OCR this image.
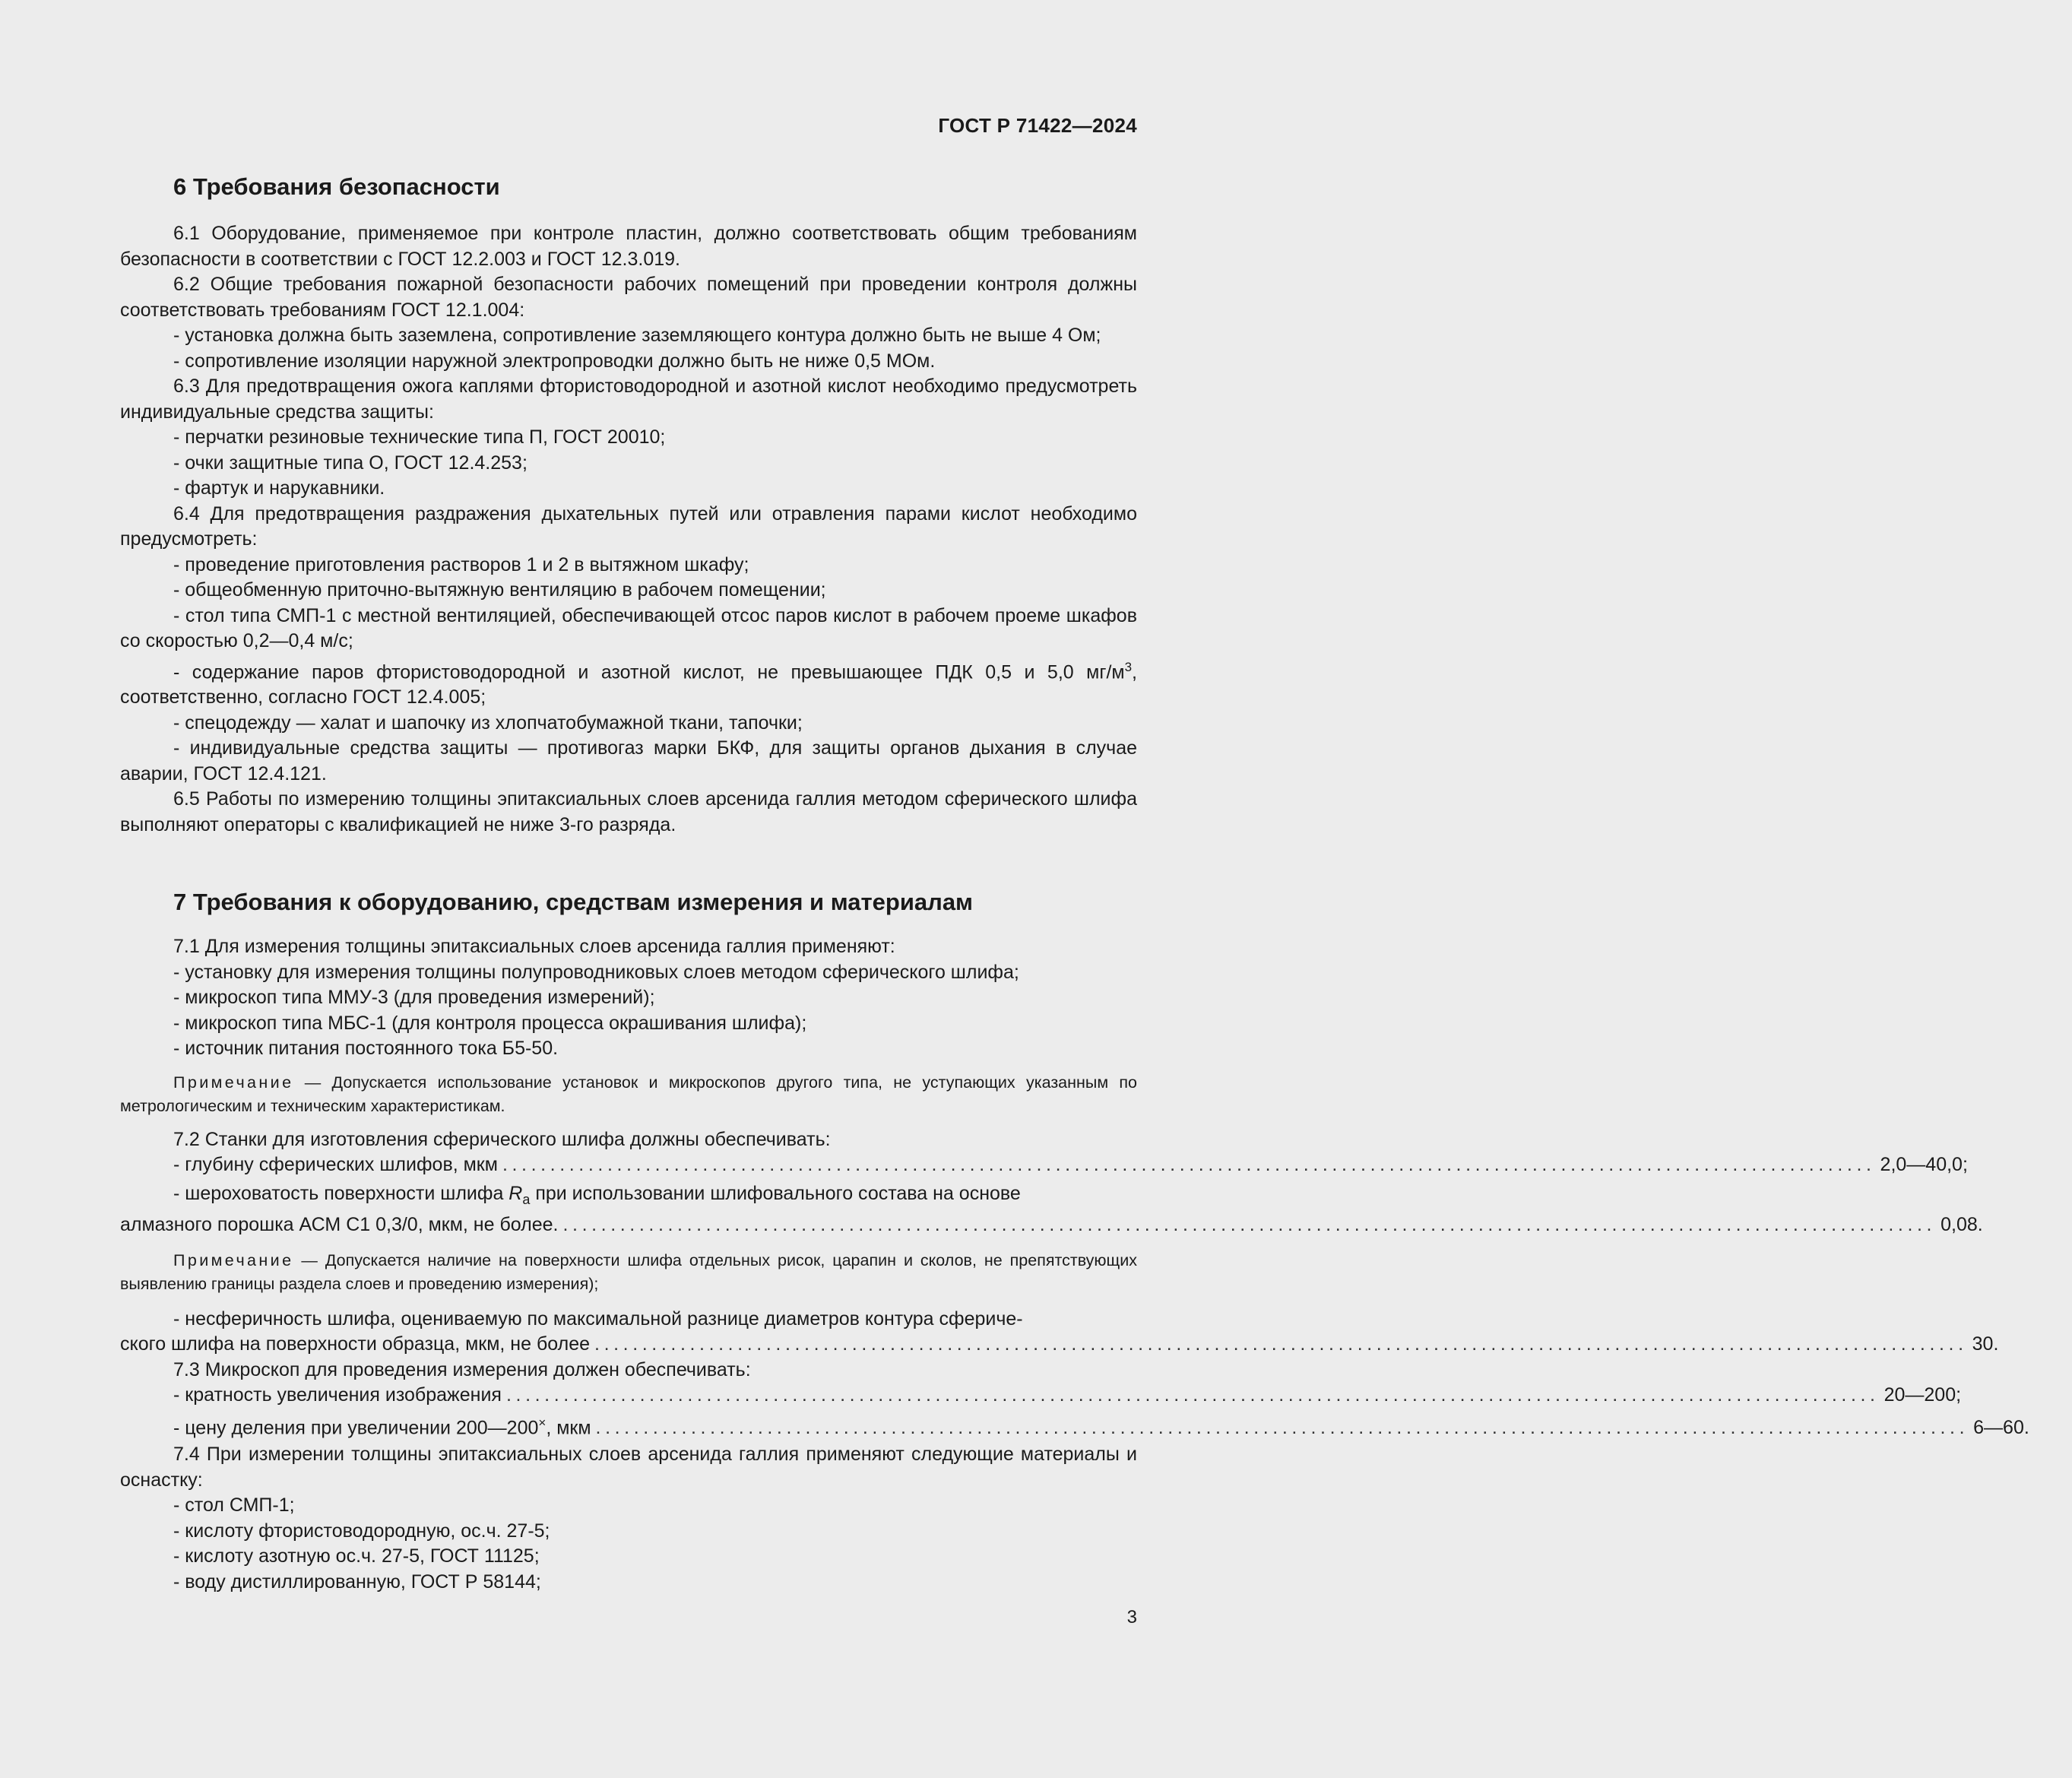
ГОСТ Р 71422—2024
6 Требования безопасности

6.1 Оборудование, применяемое при контроле пластин, должно соответствовать общим требованиям безопасности в соответствии с ГОСТ 12.2.003 и ГОСТ 12.3.019.

6.2 Общие требования пожарной безопасности рабочих помещений при проведении контроля должны соответствовать требованиям ГОСТ 12.1.004:

- установка должна быть заземлена, сопротивление заземляющего контура должно быть не выше 4 Ом;

- сопротивление изоляции наружной электропроводки должно быть не ниже 0,5 МОм.

6.3 Для предотвращения ожога каплями фтористоводородной и азотной кислот необходимо предусмотреть индивидуальные средства защиты:

- перчатки резиновые технические типа П, ГОСТ 20010;

- очки защитные типа О, ГОСТ 12.4.253;

- фартук и нарукавники.

6.4 Для предотвращения раздражения дыхательных путей или отравления парами кислот необходимо предусмотреть:

- проведение приготовления растворов 1 и 2 в вытяжном шкафу;

- общеобменную приточно-вытяжную вентиляцию в рабочем помещении;

- стол типа СМП-1 с местной вентиляцией, обеспечивающей отсос паров кислот в рабочем проеме шкафов со скоростью 0,2—0,4 м/с;

- содержание паров фтористоводородной и азотной кислот, не превышающее ПДК 0,5 и 5,0 $мг/м^3$, соответственно, согласно ГОСТ 12.4.005;

- спецодежду — халат и шапочку из хлопчатобумажной ткани, тапочки;

- индивидуальные средства защиты — противогаз марки БКФ, для защиты органов дыхания в случае аварии, ГОСТ 12.4.121.

6.5 Работы по измерению толщины эпитаксиальных слоев арсенида галлия методом сферического шлифа выполняют операторы с квалификацией не ниже 3-го разряда.

7 Требования к оборудованию, средствам измерения и материалам

7.1 Для измерения толщины эпитаксиальных слоев арсенида галлия применяют:

- установку для измерения толщины полупроводниковых слоев методом сферического шлифа;

- микроскоп типа ММУ-3 (для проведения измерений);

- микроскоп типа МБС-1 (для контроля процесса окрашивания шлифа);

- источник питания постоянного тока Б5-50.

Примечание — Допускается использование установок и микроскопов другого типа, не уступающих указанным по метрологическим и техническим характеристикам.

7.2 Станки для изготовления сферического шлифа должны обеспечивать:

- глубину сферических шлифов, мкм ................................................................................................................................................ 2,0—40,0;

- шероховатость поверхности шлифа $R_a$ при использовании шлифовального состава на основе

алмазного порошка АСМ С1 0,3/0, мкм, не более. ................................................................................................................................................ 0,08.

Примечание — Допускается наличие на поверхности шлифа отдельных рисок, царапин и сколов, не препятствующих выявлению границы раздела слоев и проведению измерения);

- несферичность шлифа, оцениваемую по максимальной разнице диаметров контура сфериче-

ского шлифа на поверхности образца, мкм, не более ................................................................................................................................................ 30.

7.3 Микроскоп для проведения измерения должен обеспечивать:

- кратность увеличения изображения ................................................................................................................................................ 20—200;
- цену деления при увеличении 200—200×, мкм ................................................................................................................................................ 6—60.

7.4 При измерении толщины эпитаксиальных слоев арсенида галлия применяют следующие материалы и оснастку:

- стол СМП-1;

- кислоту фтористоводородную, ос.ч. 27-5;

- кислоту азотную ос.ч. 27-5, ГОСТ 11125;

- воду дистиллированную, ГОСТ Р 58144;

3
